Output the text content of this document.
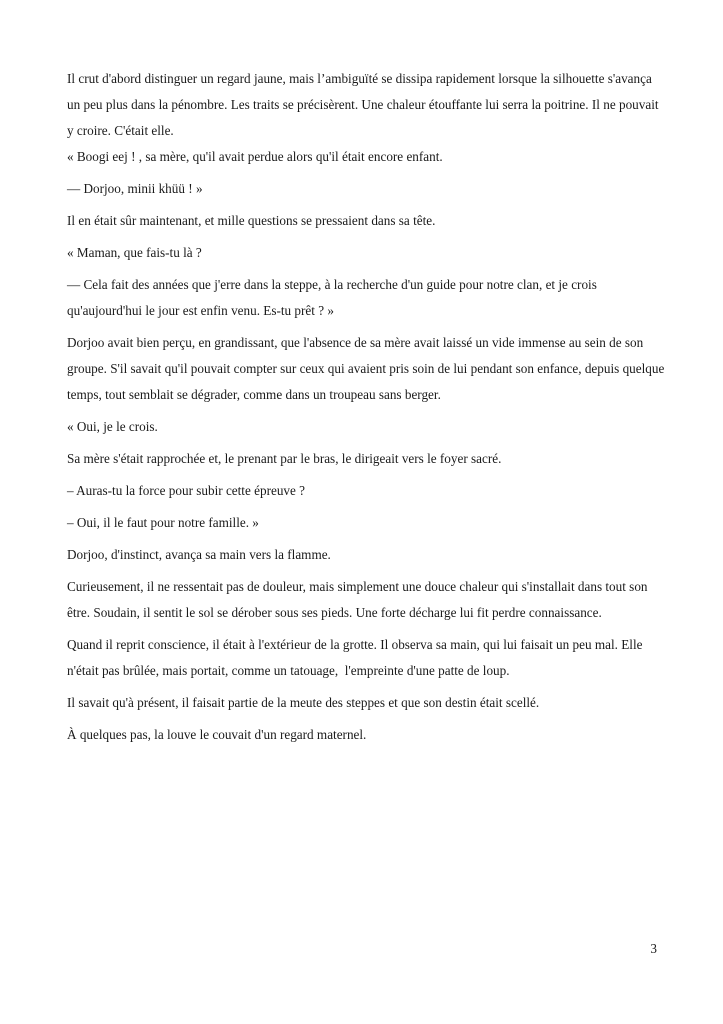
Il crut d'abord distinguer un regard jaune, mais l’ambiguïté se dissipa rapidement lorsque la silhouette s'avança un peu plus dans la pénombre. Les traits se précisèrent. Une chaleur étouffante lui serra la poitrine. Il ne pouvait y croire. C'était elle.

« Boogi eej ! , sa mère, qu'il avait perdue alors qu'il était encore enfant.

— Dorjoo, minii khüü ! »

Il en était sûr maintenant, et mille questions se pressaient dans sa tête.

« Maman, que fais-tu là ?

— Cela fait des années que j'erre dans la steppe, à la recherche d'un guide pour notre clan, et je crois qu'aujourd'hui le jour est enfin venu. Es-tu prêt ? »

Dorjoo avait bien perçu, en grandissant, que l'absence de sa mère avait laissé un vide immense au sein de son groupe. S'il savait qu'il pouvait compter sur ceux qui avaient pris soin de lui pendant son enfance, depuis quelque temps, tout semblait se dégrader, comme dans un troupeau sans berger.

« Oui, je le crois.

Sa mère s'était rapprochée et, le prenant par le bras, le dirigeait vers le foyer sacré.

– Auras-tu la force pour subir cette épreuve ?

– Oui, il le faut pour notre famille. »

Dorjoo, d'instinct, avança sa main vers la flamme.

Curieusement, il ne ressentait pas de douleur, mais simplement une douce chaleur qui s'installait dans tout son être. Soudain, il sentit le sol se dérober sous ses pieds. Une forte décharge lui fit perdre connaissance.

Quand il reprit conscience, il était à l'extérieur de la grotte. Il observa sa main, qui lui faisait un peu mal. Elle n'était pas brûlée, mais portait, comme un tatouage,  l'empreinte d'une patte de loup.

Il savait qu'à présent, il faisait partie de la meute des steppes et que son destin était scellé.

À quelques pas, la louve le couvait d'un regard maternel.

3
